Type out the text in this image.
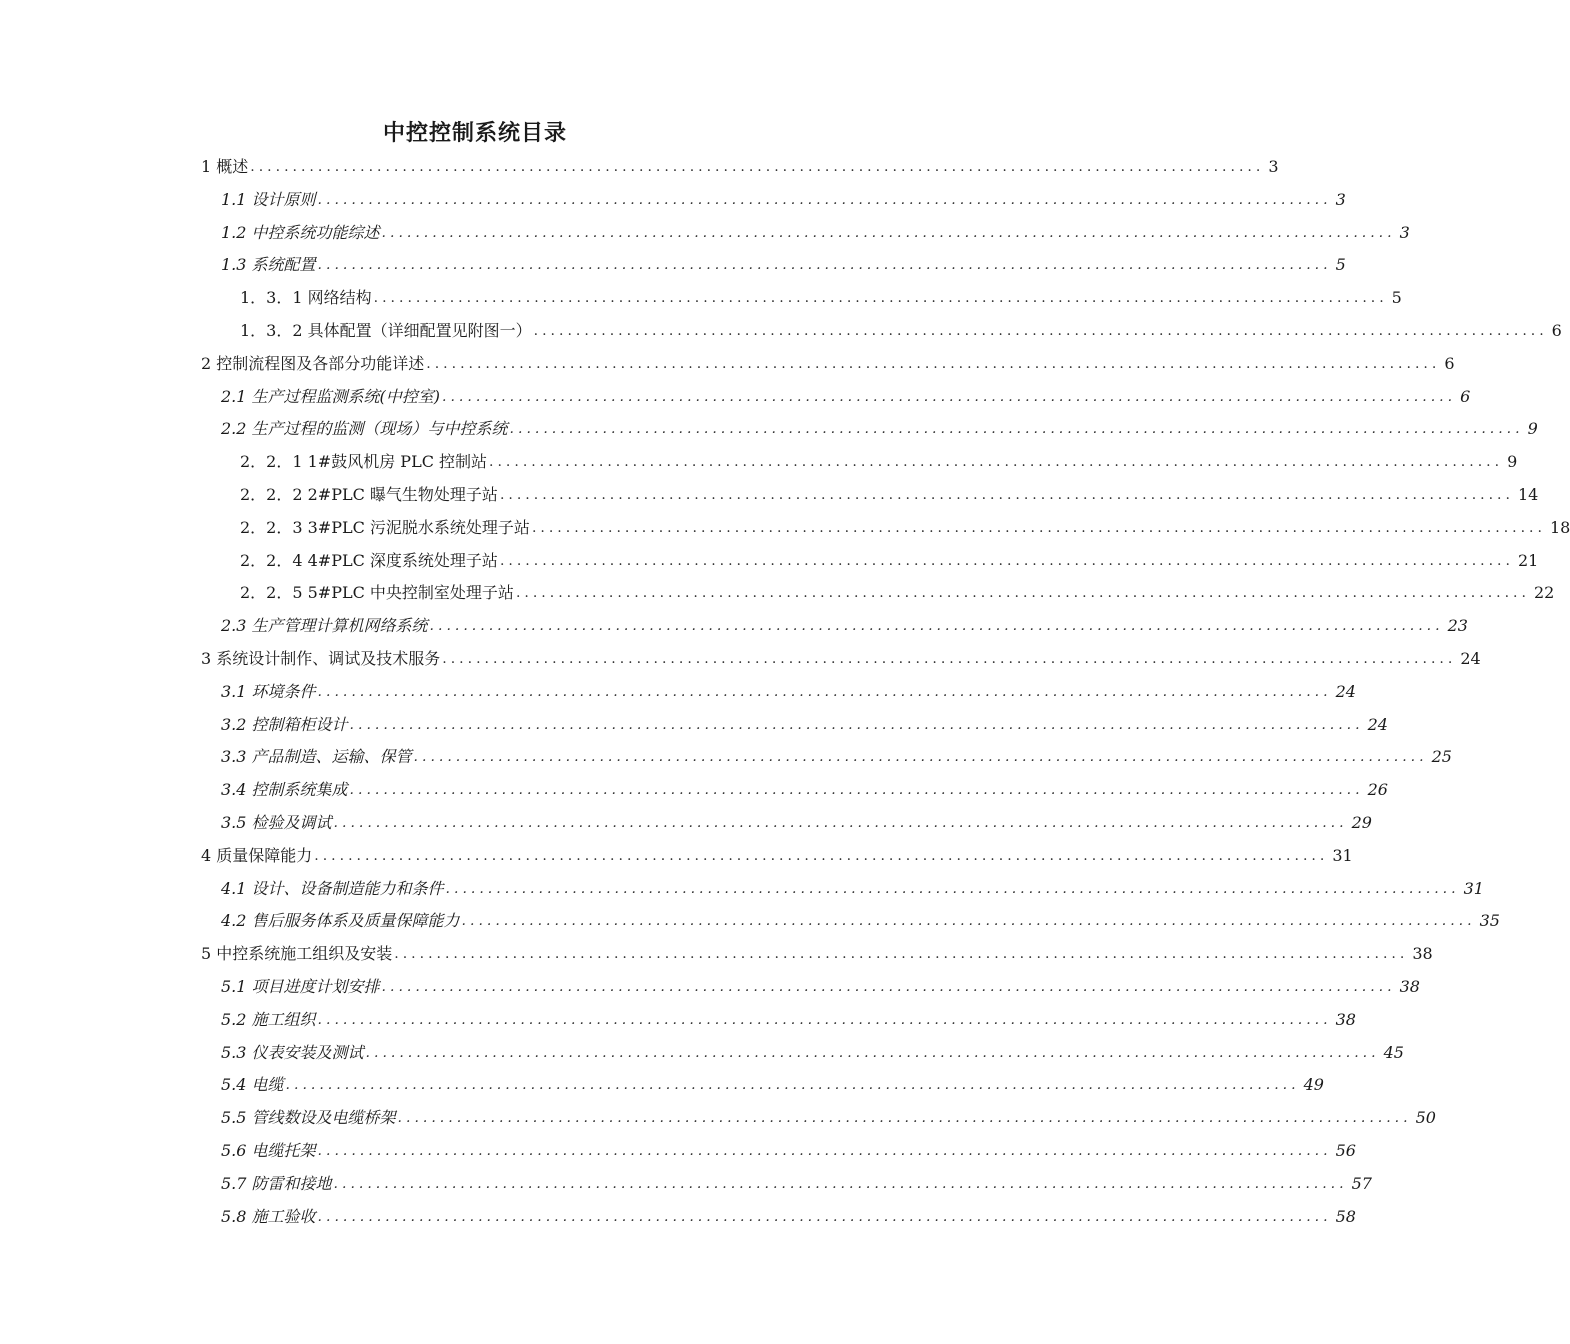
中控控制系统目录
1 概述 ........................................................................................................................ 3
1.1 设计原则 ........................................................................................................................ 3
1.2 中控系统功能综述 ........................................................................................................................ 3
1.3 系统配置 ........................................................................................................................ 5
1．3．1 网络结构 ........................................................................................................................ 5
1．3．2 具体配置（详细配置见附图一） ........................................................................................................................ 6
2 控制流程图及各部分功能详述 ........................................................................................................................ 6
2.1 生产过程监测系统(中控室) ........................................................................................................................ 6
2.2 生产过程的监测（现场）与中控系统 ........................................................................................................................ 9
2．2．1 1#鼓风机房 PLC 控制站 ........................................................................................................................ 9
2．2．2 2#PLC 曝气生物处理子站 ........................................................................................................................ 14
2．2．3 3#PLC 污泥脱水系统处理子站 ........................................................................................................................ 18
2．2．4 4#PLC 深度系统处理子站 ........................................................................................................................ 21
2．2．5 5#PLC 中央控制室处理子站 ........................................................................................................................ 22
2.3 生产管理计算机网络系统 ........................................................................................................................ 23
3 系统设计制作、调试及技术服务 ........................................................................................................................ 24
3.1 环境条件 ........................................................................................................................ 24
3.2 控制箱柜设计 ........................................................................................................................ 24
3.3 产品制造、运输、保管 ........................................................................................................................ 25
3.4 控制系统集成 ........................................................................................................................ 26
3.5 检验及调试 ........................................................................................................................ 29
4 质量保障能力 ........................................................................................................................ 31
4.1 设计、设备制造能力和条件 ........................................................................................................................ 31
4.2 售后服务体系及质量保障能力 ........................................................................................................................ 35
5 中控系统施工组织及安装 ........................................................................................................................ 38
5.1 项目进度计划安排 ........................................................................................................................ 38
5.2 施工组织 ........................................................................................................................ 38
5.3 仪表安装及测试 ........................................................................................................................ 45
5.4 电缆 ........................................................................................................................ 49
5.5 管线数设及电缆桥架 ........................................................................................................................ 50
5.6 电缆托架 ........................................................................................................................ 56
5.7 防雷和接地 ........................................................................................................................ 57
5.8 施工验收 ........................................................................................................................ 58
